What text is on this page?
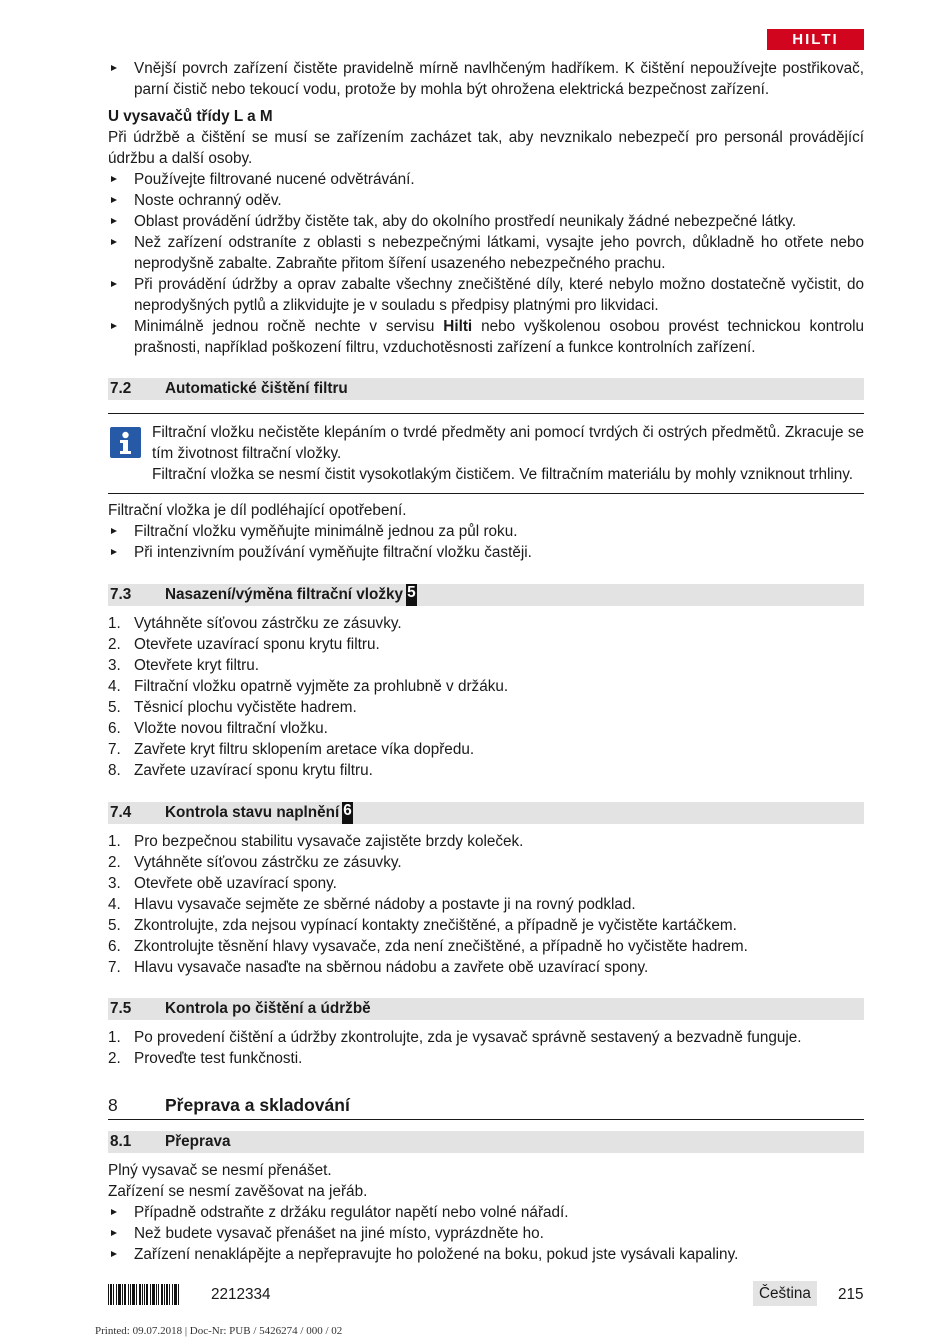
HILTI
Vnější povrch zařízení čistěte pravidelně mírně navlhčeným hadříkem. K čištění nepoužívejte postřikovač, parní čistič nebo tekoucí vodu, protože by mohla být ohrožena elektrická bezpečnost zařízení.

U vysavačů třídy L a M

Při údržbě a čištění se musí se zařízením zacházet tak, aby nevznikalo nebezpečí pro personál provádějící údržbu a další osoby.

Používejte filtrované nucené odvětrávání.
Noste ochranný oděv.
Oblast provádění údržby čistěte tak, aby do okolního prostředí neunikaly žádné nebezpečné látky.
Než zařízení odstraníte z oblasti s nebezpečnými látkami, vysajte jeho povrch, důkladně ho otřete nebo neprodyšně zabalte. Zabraňte přitom šíření usazeného nebezpečného prachu.
Při provádění údržby a oprav zabalte všechny znečištěné díly, které nebylo možno dostatečně vyčistit, do neprodyšných pytlů a zlikvidujte je v souladu s předpisy platnými pro likvidaci.
Minimálně jednou ročně nechte v servisu Hilti nebo vyškolenou osobou provést technickou kontrolu prašnosti, například poškození filtru, vzduchotěsnosti zařízení a funkce kontrolních zařízení.
7.2	Automatické čištění filtru

Filtrační vložku nečistěte klepáním o tvrdé předměty ani pomocí tvrdých či ostrých předmětů. Zkracuje se tím životnost filtrační vložky.

Filtrační vložka se nesmí čistit vysokotlakým čističem. Ve filtračním materiálu by mohly vzniknout trhliny.

Filtrační vložka je díl podléhající opotřebení.

Filtrační vložku vyměňujte minimálně jednou za půl roku.
Při intenzivním používání vyměňujte filtrační vložku častěji.
7.3	Nasazení/výměna filtrační vložky 5
1. Vytáhněte síťovou zástrčku ze zásuvky.
2. Otevřete uzavírací sponu krytu filtru.
3. Otevřete kryt filtru.
4. Filtrační vložku opatrně vyjměte za prohlubně v držáku.
5. Těsnicí plochu vyčistěte hadrem.
6. Vložte novou filtrační vložku.
7. Zavřete kryt filtru sklopením aretace víka dopředu.
8. Zavřete uzavírací sponu krytu filtru.
7.4	Kontrola stavu naplnění 6
1. Pro bezpečnou stabilitu vysavače zajistěte brzdy koleček.
2. Vytáhněte síťovou zástrčku ze zásuvky.
3. Otevřete obě uzavírací spony.
4. Hlavu vysavače sejměte ze sběrné nádoby a postavte ji na rovný podklad.
5. Zkontrolujte, zda nejsou vypínací kontakty znečištěné, a případně je vyčistěte kartáčkem.
6. Zkontrolujte těsnění hlavy vysavače, zda není znečištěné, a případně ho vyčistěte hadrem.
7. Hlavu vysavače nasaďte na sběrnou nádobu a zavřete obě uzavírací spony.
7.5	Kontrola po čištění a údržbě
1. Po provedení čištění a údržby zkontrolujte, zda je vysavač správně sestavený a bezvadně funguje.
2. Proveďte test funkčnosti.
8	Přeprava a skladování
8.1	Přeprava

Plný vysavač se nesmí přenášet.

Zařízení se nesmí zavěšovat na jeřáb.

Případně odstraňte z držáku regulátor napětí nebo volné nářadí.
Než budete vysavač přenášet na jiné místo, vyprázdněte ho.
Zařízení nenaklápějte a nepřepravujte ho položené na boku, pokud jste vysávali kapaliny.
2212334	Čeština	215
Printed: 09.07.2018 | Doc-Nr: PUB / 5426274 / 000 / 02
